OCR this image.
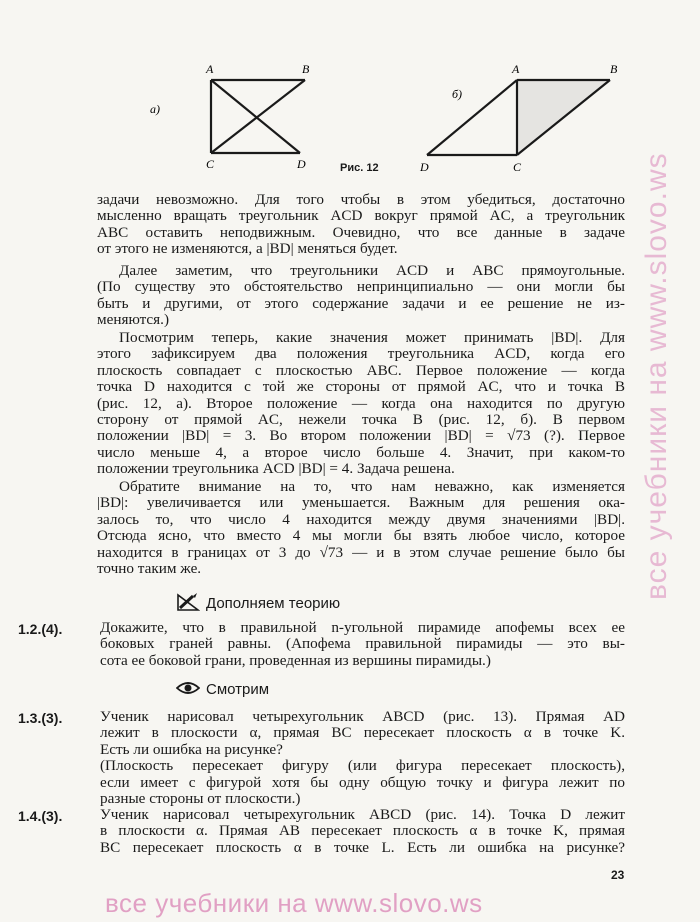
а)
A	B
C	D
б)
A	B
C
D
Рис. 12
задачи невозможно. Для того чтобы в этом убедиться, достаточно
мысленно вращать треугольник ACD вокруг прямой AC, а треугольник
ABC оставить неподвижным. Очевидно, что все данные в задаче
от этого не изменяются, а |BD| меняться будет.
Далее заметим, что треугольники ACD и ABC прямоугольные.
(По существу это обстоятельство непринципиально — они могли бы
быть и другими, от этого содержание задачи и ее решение не из-
меняются.)
Посмотрим теперь, какие значения может принимать |BD|. Для
этого зафиксируем два положения треугольника ACD, когда его
плоскость совпадает с плоскостью ABC. Первое положение — когда
точка D находится с той же стороны от прямой AC, что и точка B
(рис. 12, а). Второе положение — когда она находится по другую
сторону от прямой AC, нежели точка B (рис. 12, б). В первом
положении |BD| = 3. Во втором положении |BD| = √73 (?). Первое
число меньше 4, а второе число больше 4. Значит, при каком-то
положении треугольника ACD |BD| = 4. Задача решена.
Обратите внимание на то, что нам неважно, как изменяется
|BD|: увеличивается или уменьшается. Важным для решения ока-
залось то, что число 4 находится между двумя значениями |BD|.
Отсюда ясно, что вместо 4 мы могли бы взять любое число, которое
находится в границах от 3 до √73 — и в этом случае решение было бы
точно таким же.
Дополняем теорию
1.2.(4). Докажите, что в правильной n-угольной пирамиде апофемы всех ее
боковых граней равны. (Апофема правильной пирамиды — это вы-
сота ее боковой грани, проведенная из вершины пирамиды.)
Смотрим
1.3.(3). Ученик нарисовал четырехугольник ABCD (рис. 13). Прямая AD
лежит в плоскости α, прямая BC пересекает плоскость α в точке K.
Есть ли ошибка на рисунке?
(Плоскость пересекает фигуру (или фигура пересекает плоскость),
если имеет с фигурой хотя бы одну общую точку и фигура лежит по
разные стороны от плоскости.)
1.4.(3). Ученик нарисовал четырехугольник ABCD (рис. 14). Точка D лежит
в плоскости α. Прямая AB пересекает плоскость α в точке K, прямая
BC пересекает плоскость α в точке L. Есть ли ошибка на рисунке?
23
все учебники на www.slovo.ws
все учебники на www.slovo.ws
